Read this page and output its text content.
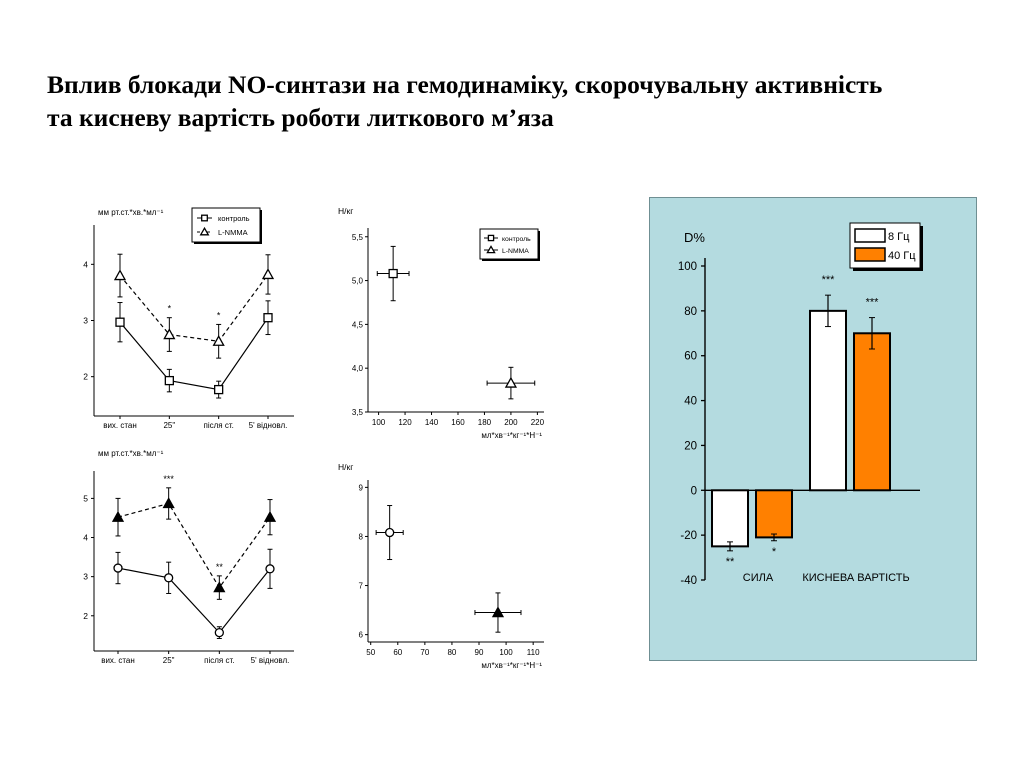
Вплив блокади NO-синтази на гемодинаміку, скорочувальну активність
та кисневу вартість роботи литкового м’яза
мм рт.ст.*хв.*мл⁻¹
2
3
4
вих. стан	25"	після ст. 5' відновл.
*
*
контроль
L-NMMA
мм рт.ст.*хв.*мл⁻¹
2
3
4
5
вих. стан	25"	після ст. 5' відновл.
***
**
Н/кг
мл*хв⁻¹*кг⁻¹*Н⁻¹
3,5
4,0
4,5
5,0
5,5
100 120 140 160 180 200 220
контроль
L-NMMA
Н/кг
мл*хв⁻¹*кг⁻¹*Н⁻¹
6
7
8
9
50 60 70 80 90 100 110
D%
-40
-20
0
20
40
60
80
100
**
***
*
***
СИЛА	КИСНЕВА ВАРТІСТЬ
8 Гц
40 Гц
